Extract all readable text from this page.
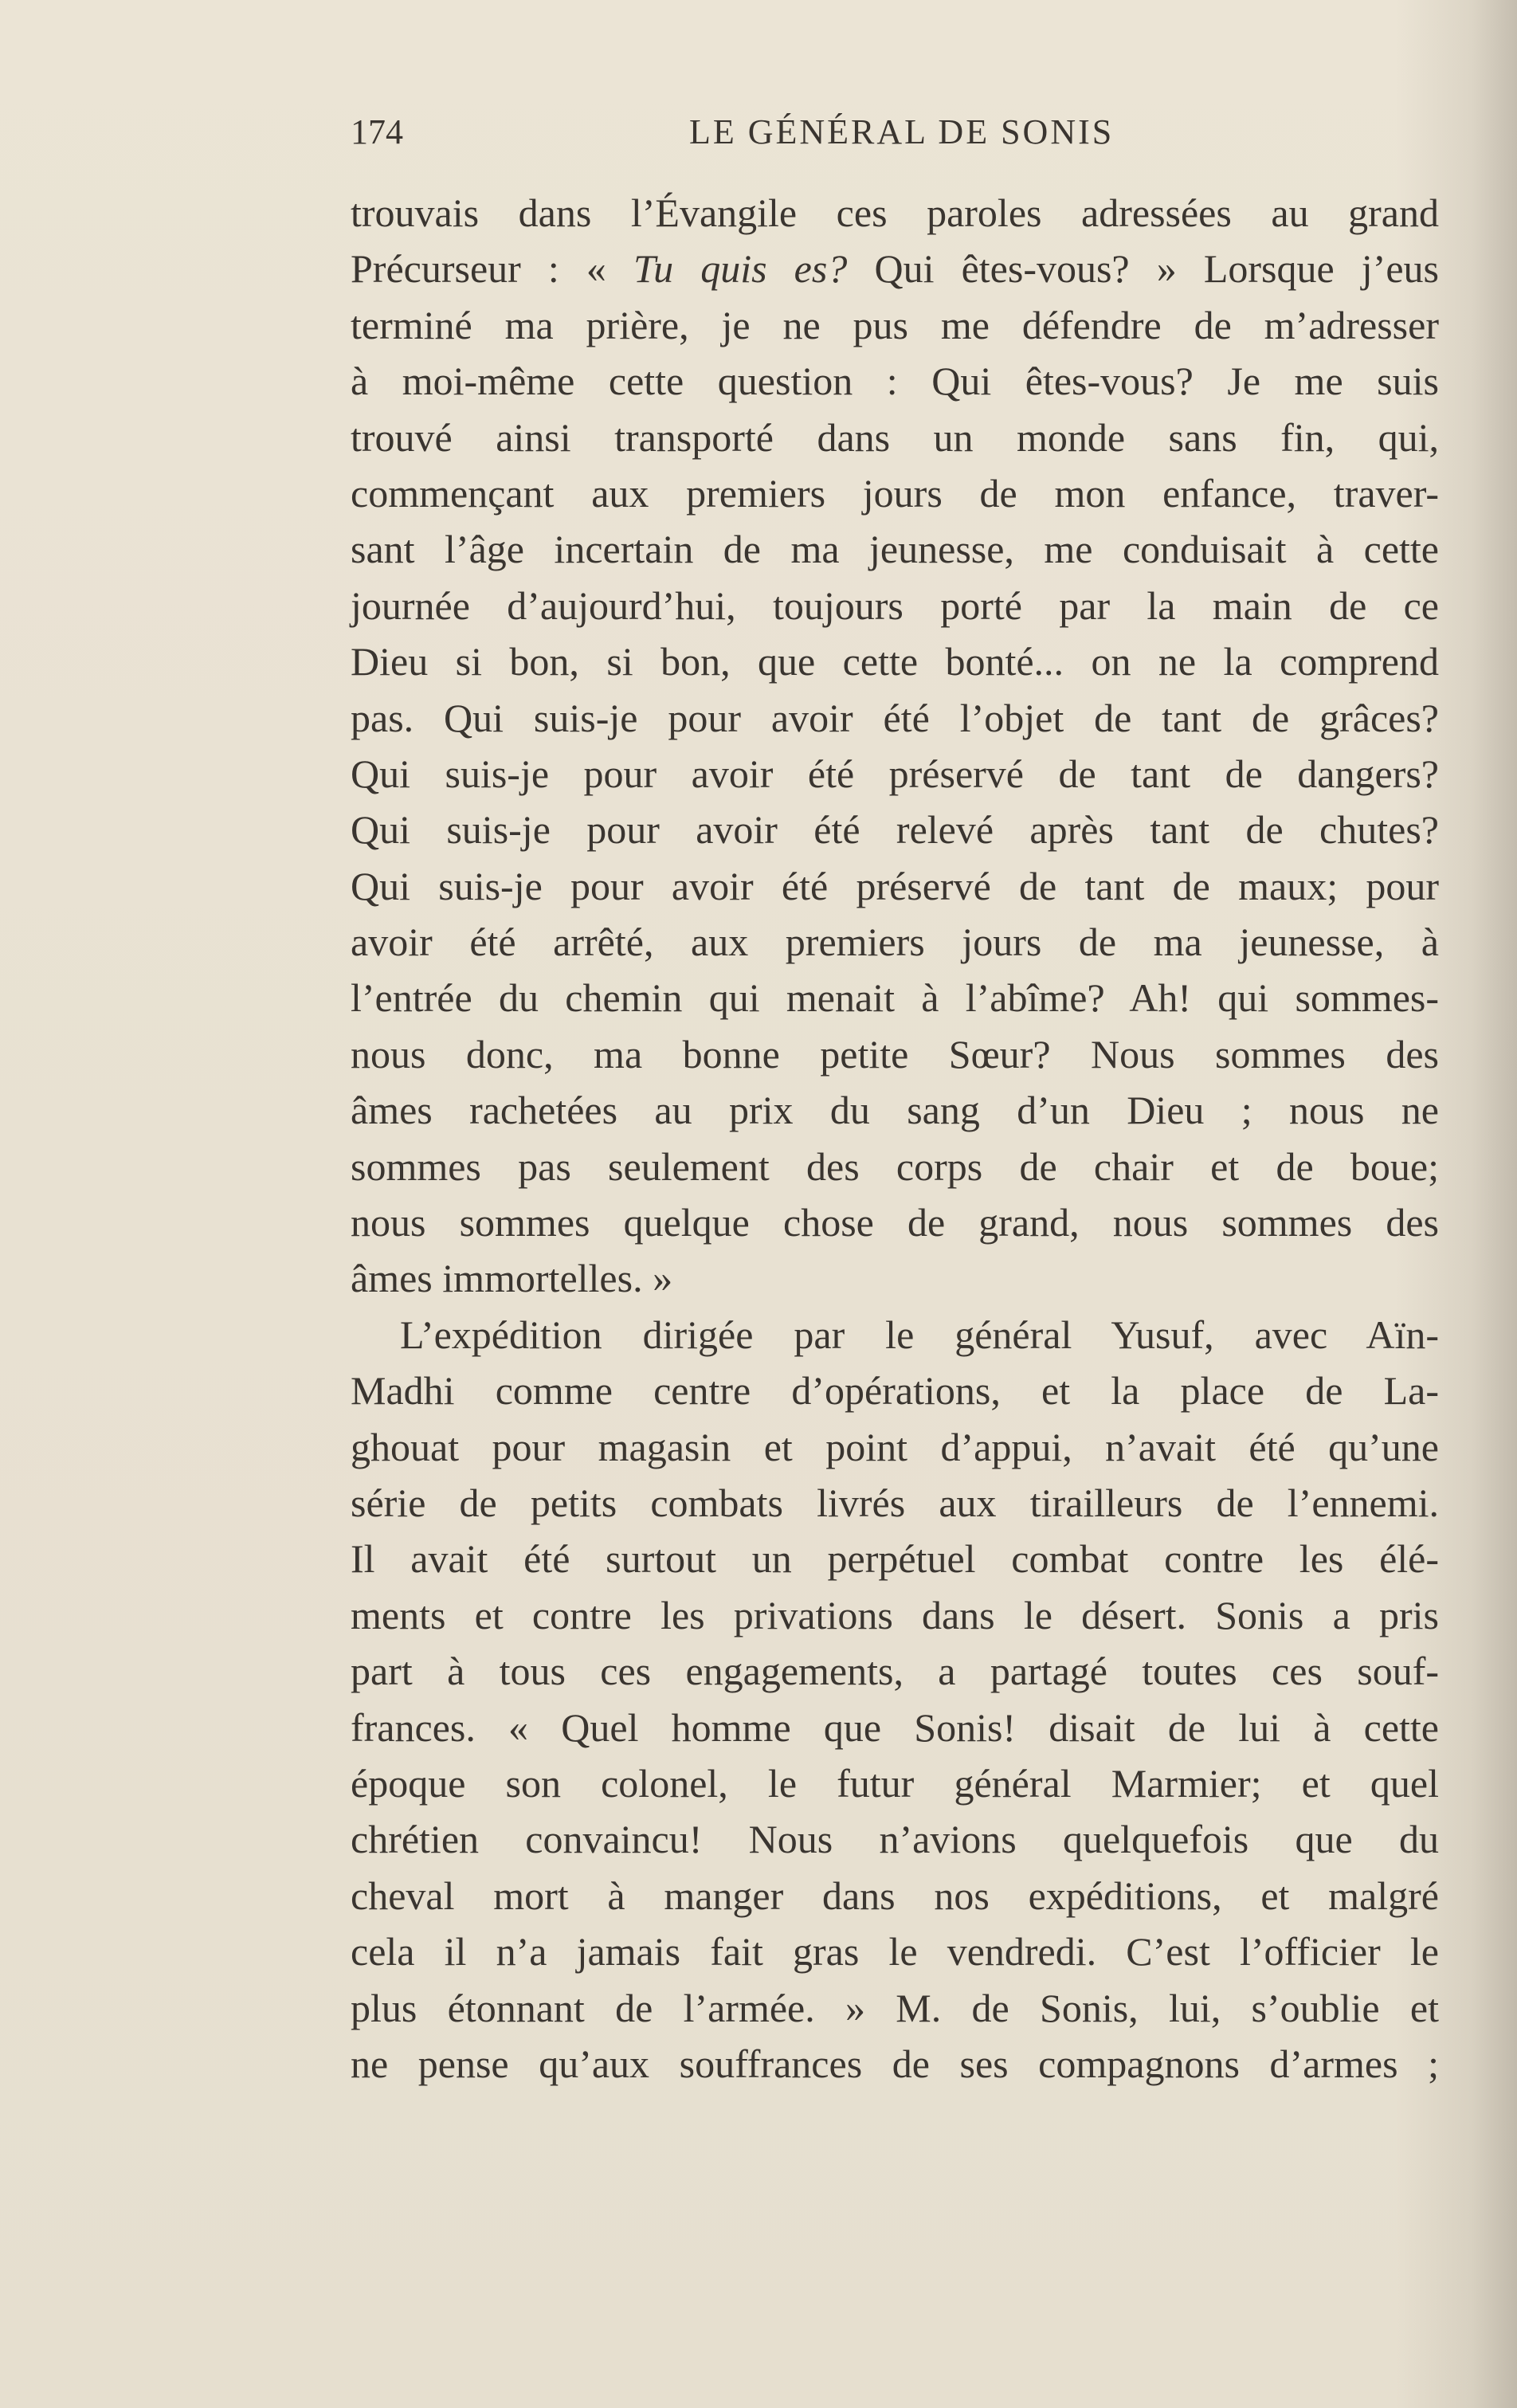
174	LE GÉNÉRAL DE SONIS
trouvais dans l’Évangile ces paroles adressées au grand
Précurseur : « Tu quis es? Qui êtes-vous? » Lorsque j’eus
terminé ma prière, je ne pus me défendre de m’adresser
à moi-même cette question : Qui êtes-vous? Je me suis
trouvé ainsi transporté dans un monde sans fin, qui,
commençant aux premiers jours de mon enfance, traver-
sant l’âge incertain de ma jeunesse, me conduisait à cette
journée d’aujourd’hui, toujours porté par la main de ce
Dieu si bon, si bon, que cette bonté... on ne la comprend
pas. Qui suis-je pour avoir été l’objet de tant de grâces?
Qui suis-je pour avoir été préservé de tant de dangers?
Qui suis-je pour avoir été relevé après tant de chutes?
Qui suis-je pour avoir été préservé de tant de maux; pour
avoir été arrêté, aux premiers jours de ma jeunesse, à
l’entrée du chemin qui menait à l’abîme? Ah! qui sommes-
nous donc, ma bonne petite Sœur? Nous sommes des
âmes rachetées au prix du sang d’un Dieu ; nous ne
sommes pas seulement des corps de chair et de boue;
nous sommes quelque chose de grand, nous sommes des
âmes immortelles. »
L’expédition dirigée par le général Yusuf, avec Aïn-
Madhi comme centre d’opérations, et la place de La-
ghouat pour magasin et point d’appui, n’avait été qu’une
série de petits combats livrés aux tirailleurs de l’ennemi.
Il avait été surtout un perpétuel combat contre les élé-
ments et contre les privations dans le désert. Sonis a pris
part à tous ces engagements, a partagé toutes ces souf-
frances. « Quel homme que Sonis! disait de lui à cette
époque son colonel, le futur général Marmier; et quel
chrétien convaincu! Nous n’avions quelquefois que du
cheval mort à manger dans nos expéditions, et malgré
cela il n’a jamais fait gras le vendredi. C’est l’officier le
plus étonnant de l’armée. » M. de Sonis, lui, s’oublie et
ne pense qu’aux souffrances de ses compagnons d’armes ;
